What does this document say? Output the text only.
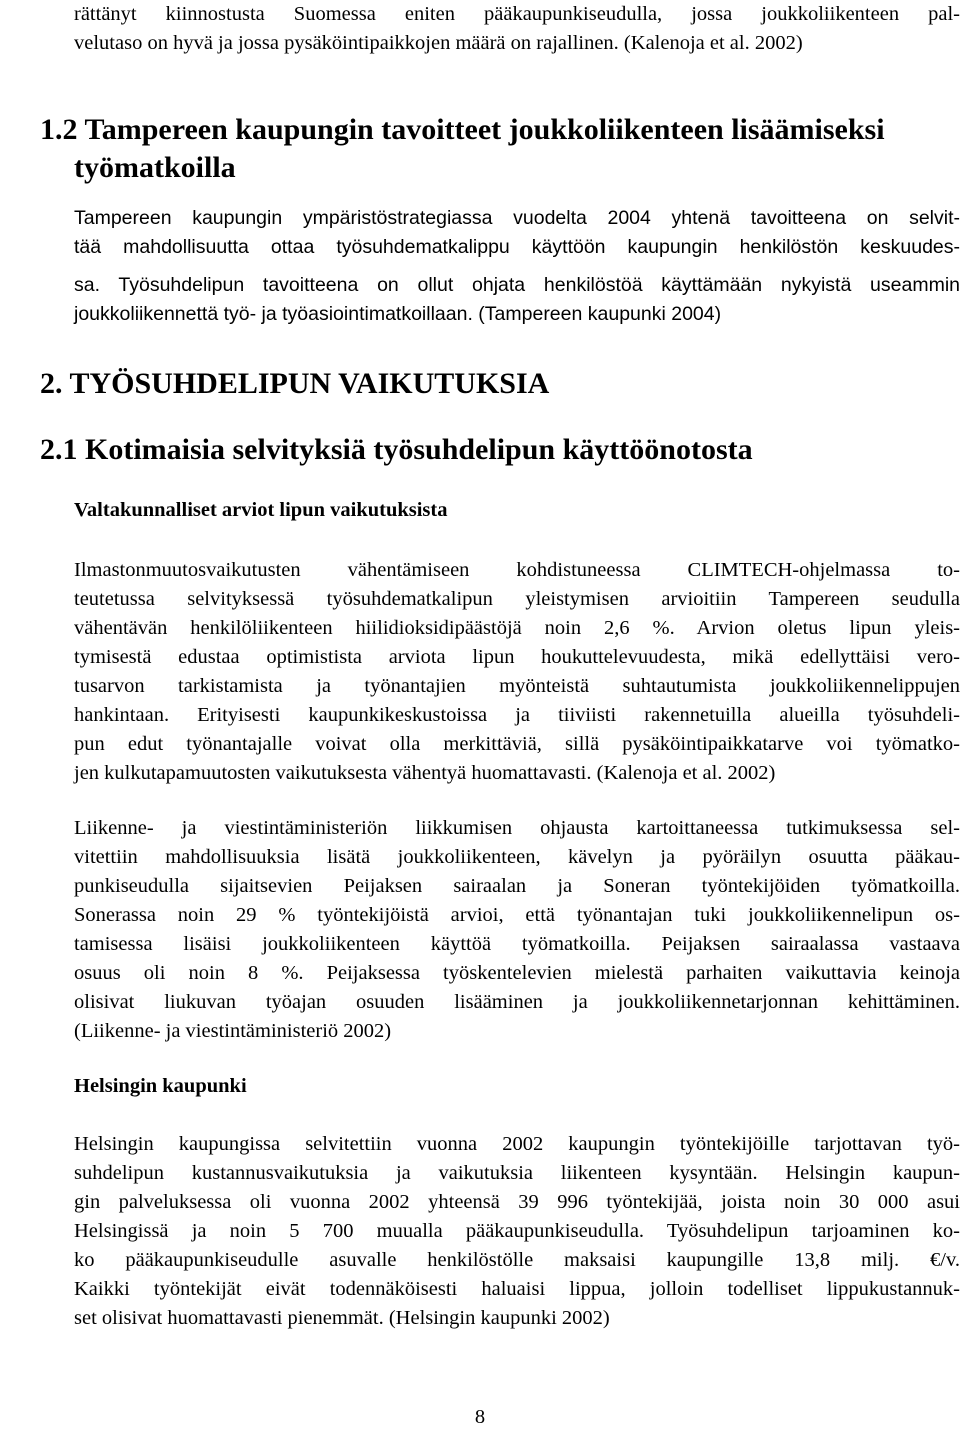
rättänyt kiinnostusta Suomessa eniten pääkaupunkiseudulla, jossa joukkoliikenteen pal-
velutaso on hyvä ja jossa pysäköintipaikkojen määrä on rajallinen. (Kalenoja et al. 2002)
1.2 Tampereen kaupungin tavoitteet joukkoliikenteen lisäämiseksi
työmatkoilla
Tampereen kaupungin ympäristöstrategiassa vuodelta 2004 yhtenä tavoitteena on selvit-
tää mahdollisuutta ottaa työsuhdematkalippu käyttöön kaupungin henkilöstön keskuudes-
sa. Työsuhdelipun tavoitteena on ollut ohjata henkilöstöä käyttämään nykyistä useammin
joukkoliikennettä työ- ja työasiointimatkoillaan. (Tampereen kaupunki 2004)
2. TYÖSUHDELIPUN VAIKUTUKSIA
2.1 Kotimaisia selvityksiä työsuhdelipun käyttöönotosta
Valtakunnalliset arviot lipun vaikutuksista
Ilmastonmuutosvaikutusten vähentämiseen kohdistuneessa CLIMTECH-ohjelmassa to-
teutetussa selvityksessä työsuhdematkalipun yleistymisen arvioitiin Tampereen seudulla
vähentävän henkilöliikenteen hiilidioksidipäästöjä noin 2,6 %. Arvion oletus lipun yleis-
tymisestä edustaa optimistista arviota lipun houkuttelevuudesta, mikä edellyttäisi vero-
tusarvon tarkistamista ja työnantajien myönteistä suhtautumista joukkoliikennelippujen
hankintaan. Erityisesti kaupunkikeskustoissa ja tiiviisti rakennetuilla alueilla työsuhdeli-
pun edut työnantajalle voivat olla merkittäviä, sillä pysäköintipaikkatarve voi työmatko-
jen kulkutapamuutosten vaikutuksesta vähentyä huomattavasti. (Kalenoja et al. 2002)
Liikenne- ja viestintäministeriön liikkumisen ohjausta kartoittaneessa tutkimuksessa sel-
vitettiin mahdollisuuksia lisätä joukkoliikenteen, kävelyn ja pyöräilyn osuutta pääkau-
punkiseudulla sijaitsevien Peijaksen sairaalan ja Soneran työntekijöiden työmatkoilla.
Sonerassa noin 29 % työntekijöistä arvioi, että työnantajan tuki joukkoliikennelipun os-
tamisessa lisäisi joukkoliikenteen käyttöä työmatkoilla. Peijaksen sairaalassa vastaava
osuus oli noin 8 %. Peijaksessa työskentelevien mielestä parhaiten vaikuttavia keinoja
olisivat liukuvan työajan osuuden lisääminen ja joukkoliikennetarjonnan kehittäminen.
(Liikenne- ja viestintäministeriö 2002)
Helsingin kaupunki
Helsingin kaupungissa selvitettiin vuonna 2002 kaupungin työntekijöille tarjottavan työ-
suhdelipun kustannusvaikutuksia ja vaikutuksia liikenteen kysyntään. Helsingin kaupun-
gin palveluksessa oli vuonna 2002 yhteensä 39 996 työntekijää, joista noin 30 000 asui
Helsingissä ja noin 5 700 muualla pääkaupunkiseudulla. Työsuhdelipun tarjoaminen ko-
ko pääkaupunkiseudulle asuvalle henkilöstölle maksaisi kaupungille 13,8 milj. €/v.
Kaikki työntekijät eivät todennäköisesti haluaisi lippua, jolloin todelliset lippukustannuk-
set olisivat huomattavasti pienemmät. (Helsingin kaupunki 2002)
8
